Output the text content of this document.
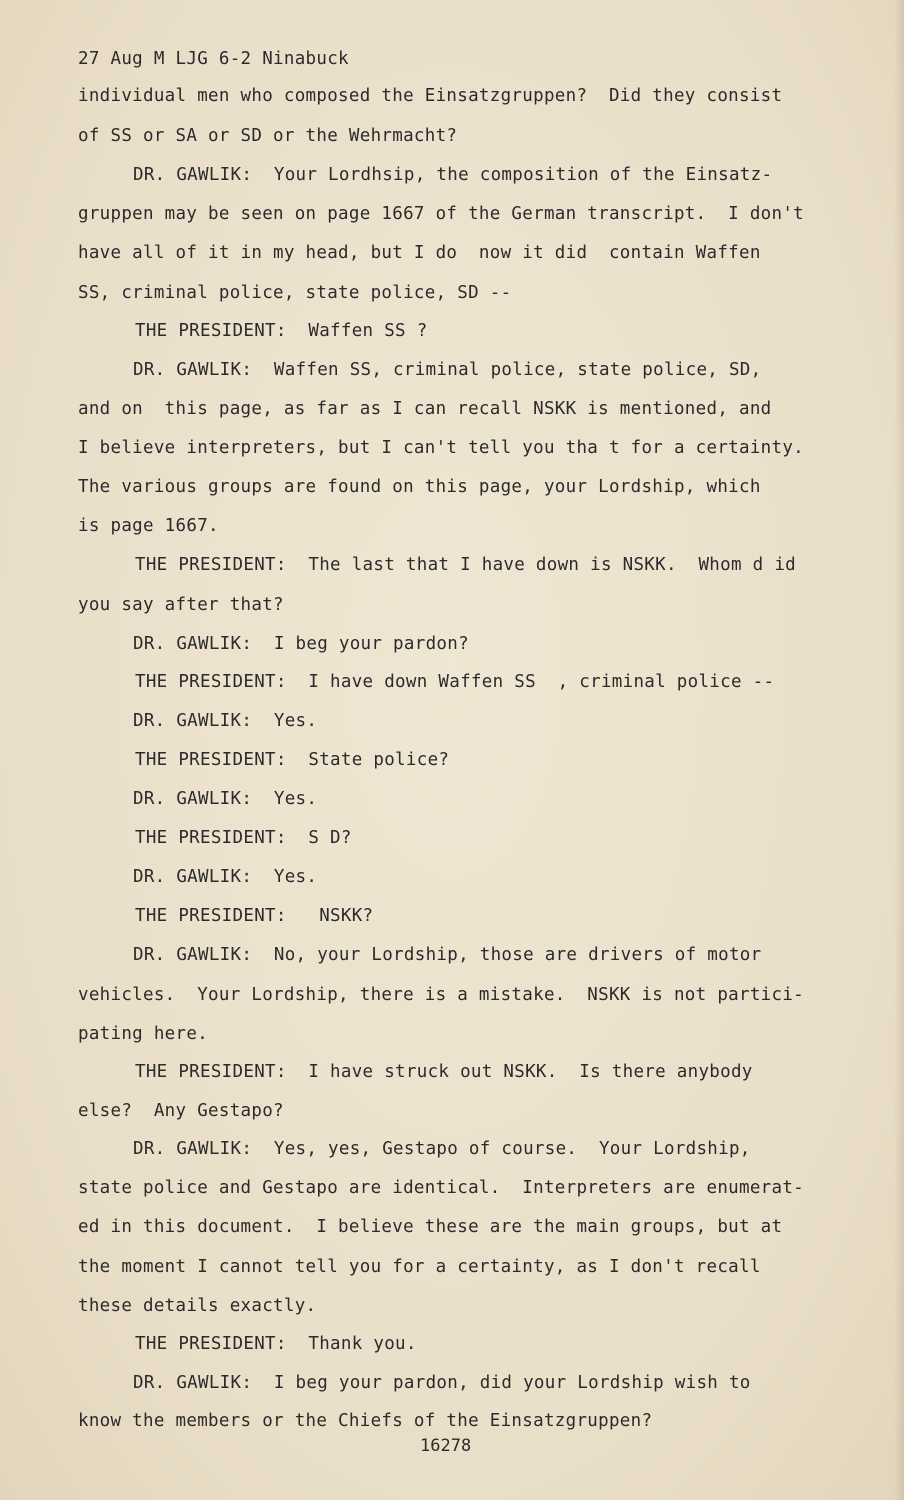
27 Aug M LJG 6-2 Ninabuck
individual men who composed the Einsatzgruppen?  Did they consist
of SS or SA or SD or the Wehrmacht?
DR. GAWLIK:  Your Lordhsip, the composition of the Einsatz-
gruppen may be seen on page 1667 of the German transcript.  I don't
have all of it in my head, but I do  now it did  contain Waffen
SS, criminal police, state police, SD --
THE PRESIDENT:  Waffen SS ?
DR. GAWLIK:  Waffen SS, criminal police, state police, SD,
and on  this page, as far as I can recall NSKK is mentioned, and
I believe interpreters, but I can't tell you tha t for a certainty.
The various groups are found on this page, your Lordship, which
is page 1667.
THE PRESIDENT:  The last that I have down is NSKK.  Whom d id
you say after that?
DR. GAWLIK:  I beg your pardon?
THE PRESIDENT:  I have down Waffen SS  , criminal police --
DR. GAWLIK:  Yes.
THE PRESIDENT:  State police?
DR. GAWLIK:  Yes.
THE PRESIDENT:  S D?
DR. GAWLIK:  Yes.
THE PRESIDENT:   NSKK?
DR. GAWLIK:  No, your Lordship, those are drivers of motor
vehicles.  Your Lordship, there is a mistake.  NSKK is not partici-
pating here.
THE PRESIDENT:  I have struck out NSKK.  Is there anybody
else?  Any Gestapo?
DR. GAWLIK:  Yes, yes, Gestapo of course.  Your Lordship,
state police and Gestapo are identical.  Interpreters are enumerat-
ed in this document.  I believe these are the main groups, but at
the moment I cannot tell you for a certainty, as I don't recall
these details exactly.
THE PRESIDENT:  Thank you.
DR. GAWLIK:  I beg your pardon, did your Lordship wish to
know the members or the Chiefs of the Einsatzgruppen?
16278
